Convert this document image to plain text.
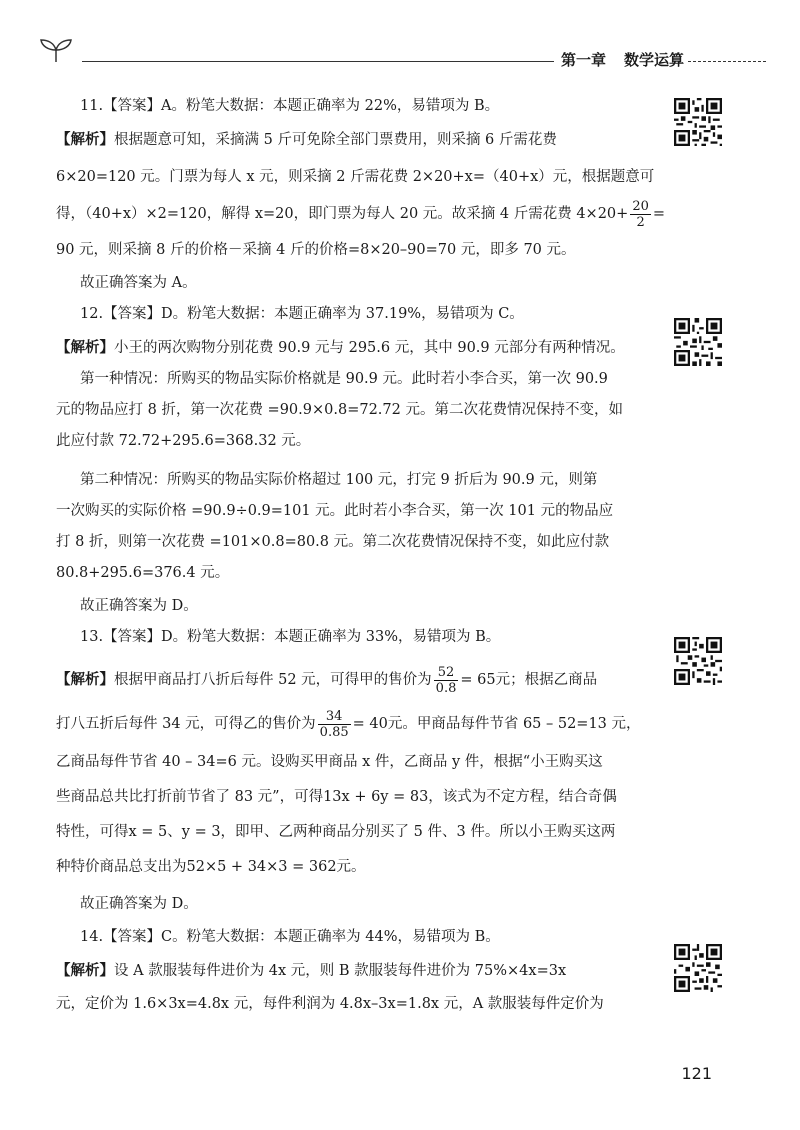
第一章 数学运算

11.【答案】A。粉笔大数据：本题正确率为 22%，易错项为 B。

【解析】根据题意可知，采摘满 5 斤可免除全部门票费用，则采摘 6 斤需花费

6×20=120 元。门票为每人 x 元，则采摘 2 斤需花费 2×20+x=（40+x）元，根据题意可

得，（40+x）×2=120，解得 x=20，即门票为每人 20 元。故采摘 4 斤需花费 $4\times 20+ \frac{20}{2}$ =

90 元，则采摘 8 斤的价格－采摘 4 斤的价格=8×20–90=70 元，即多 70 元。

故正确答案为 A。

12.【答案】D。粉笔大数据：本题正确率为 37.19%，易错项为 C。

【解析】小王的两次购物分别花费 90.9 元与 295.6 元，其中 90.9 元部分有两种情况。

第一种情况：所购买的物品实际价格就是 90.9 元。此时若小李合买，第一次 90.9

元的物品应打 8 折，第一次花费 =90.9×0.8=72.72 元。第二次花费情况保持不变，如

此应付款 72.72+295.6=368.32 元。

第二种情况：所购买的物品实际价格超过 100 元，打完 9 折后为 90.9 元，则第

一次购买的实际价格 =90.9÷0.9=101 元。此时若小李合买，第一次 101 元的物品应

打 8 折，则第一次花费 =101×0.8=80.8 元。第二次花费情况保持不变，如此应付款

80.8+295.6=376.4 元。

故正确答案为 D。

13.【答案】D。粉笔大数据：本题正确率为 33%，易错项为 B。

【解析】根据甲商品打八折后每件 52 元，可得甲的售价为 $\frac{52}{0.8} = 65$元；根据乙商品

打八五折后每件 34 元，可得乙的售价为 $\frac{34}{0.85} = 40$元。甲商品每件节省 65 – 52=13 元，

乙商品每件节省 40 – 34=6 元。设购买甲商品 x 件，乙商品 y 件，根据“小王购买这

些商品总共比打折前节省了 83 元”，可得13x + 6y = 83，该式为不定方程，结合奇偶

特性，可得x = 5、y = 3，即甲、乙两种商品分别买了 5 件、3 件。所以小王购买这两

种特价商品总支出为52×5 + 34×3 = 362元。

故正确答案为 D。

14.【答案】C。粉笔大数据：本题正确率为 44%，易错项为 B。

【解析】设 A 款服装每件进价为 4x 元，则 B 款服装每件进价为 75%×4x=3x

元，定价为 1.6×3x=4.8x 元，每件利润为 4.8x–3x=1.8x 元，A 款服装每件定价为

121
